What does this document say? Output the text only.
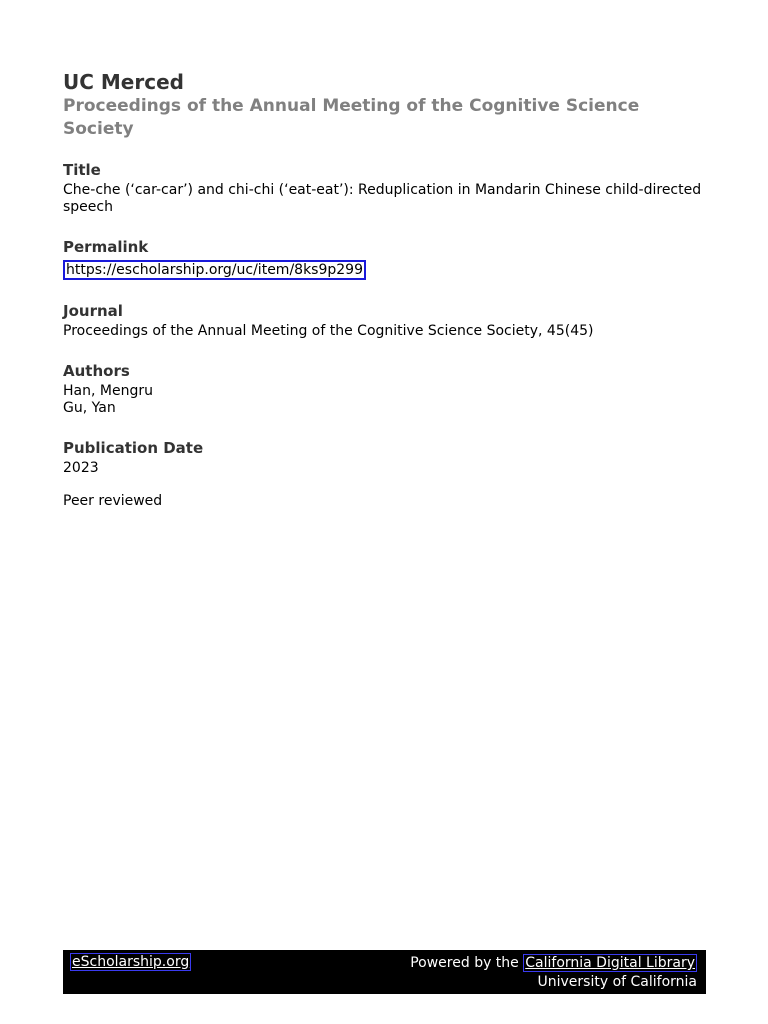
UC Merced
Proceedings of the Annual Meeting of the Cognitive Science Society
Title
Che-che (‘car-car’) and chi-chi (‘eat-eat’): Reduplication in Mandarin Chinese child-directed speech
Permalink
https://escholarship.org/uc/item/8ks9p299
Journal
Proceedings of the Annual Meeting of the Cognitive Science Society, 45(45)
Authors
Han, Mengru
Gu, Yan
Publication Date
2023
Peer reviewed
eScholarship.org	Powered by the California Digital Library
University of California
